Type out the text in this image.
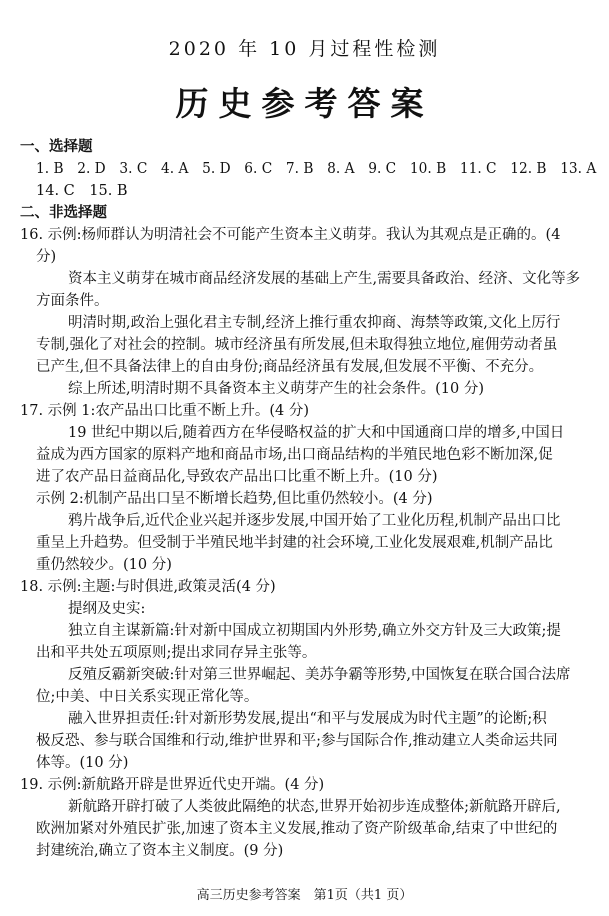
2020 年 10 月过程性检测
历史参考答案
一、选择题
1. B　2. D　3. C　4. A　5. D　6. C　7. B　8. A　9. C　10. B　11. C　12. B　13. A
14. C　15. B
二、非选择题
16. 示例:杨师群认为明清社会不可能产生资本主义萌芽。我认为其观点是正确的。(4
分)
资本主义萌芽在城市商品经济发展的基础上产生,需要具备政治、经济、文化等多
方面条件。
明清时期,政治上强化君主专制,经济上推行重农抑商、海禁等政策,文化上厉行
专制,强化了对社会的控制。城市经济虽有所发展,但未取得独立地位,雇佣劳动者虽
已产生,但不具备法律上的自由身份;商品经济虽有发展,但发展不平衡、不充分。
综上所述,明清时期不具备资本主义萌芽产生的社会条件。(10 分)
17. 示例 1:农产品出口比重不断上升。(4 分)
19 世纪中期以后,随着西方在华侵略权益的扩大和中国通商口岸的增多,中国日
益成为西方国家的原料产地和商品市场,出口商品结构的半殖民地色彩不断加深,促
进了农产品日益商品化,导致农产品出口比重不断上升。(10 分)
示例 2:机制产品出口呈不断增长趋势,但比重仍然较小。(4 分)
鸦片战争后,近代企业兴起并逐步发展,中国开始了工业化历程,机制产品出口比
重呈上升趋势。但受制于半殖民地半封建的社会环境,工业化发展艰难,机制产品比
重仍然较少。(10 分)
18. 示例:主题:与时俱进,政策灵活(4 分)
提纲及史实:
独立自主谋新篇:针对新中国成立初期国内外形势,确立外交方针及三大政策;提
出和平共处五项原则;提出求同存异主张等。
反殖反霸新突破:针对第三世界崛起、美苏争霸等形势,中国恢复在联合国合法席
位;中美、中日关系实现正常化等。
融入世界担责任:针对新形势发展,提出“和平与发展成为时代主题”的论断;积
极反恐、参与联合国维和行动,维护世界和平;参与国际合作,推动建立人类命运共同
体等。(10 分)
19. 示例:新航路开辟是世界近代史开端。(4 分)
新航路开辟打破了人类彼此隔绝的状态,世界开始初步连成整体;新航路开辟后,
欧洲加紧对外殖民扩张,加速了资本主义发展,推动了资产阶级革命,结束了中世纪的
封建统治,确立了资本主义制度。(9 分)
高三历史参考答案　第1页（共1 页）
